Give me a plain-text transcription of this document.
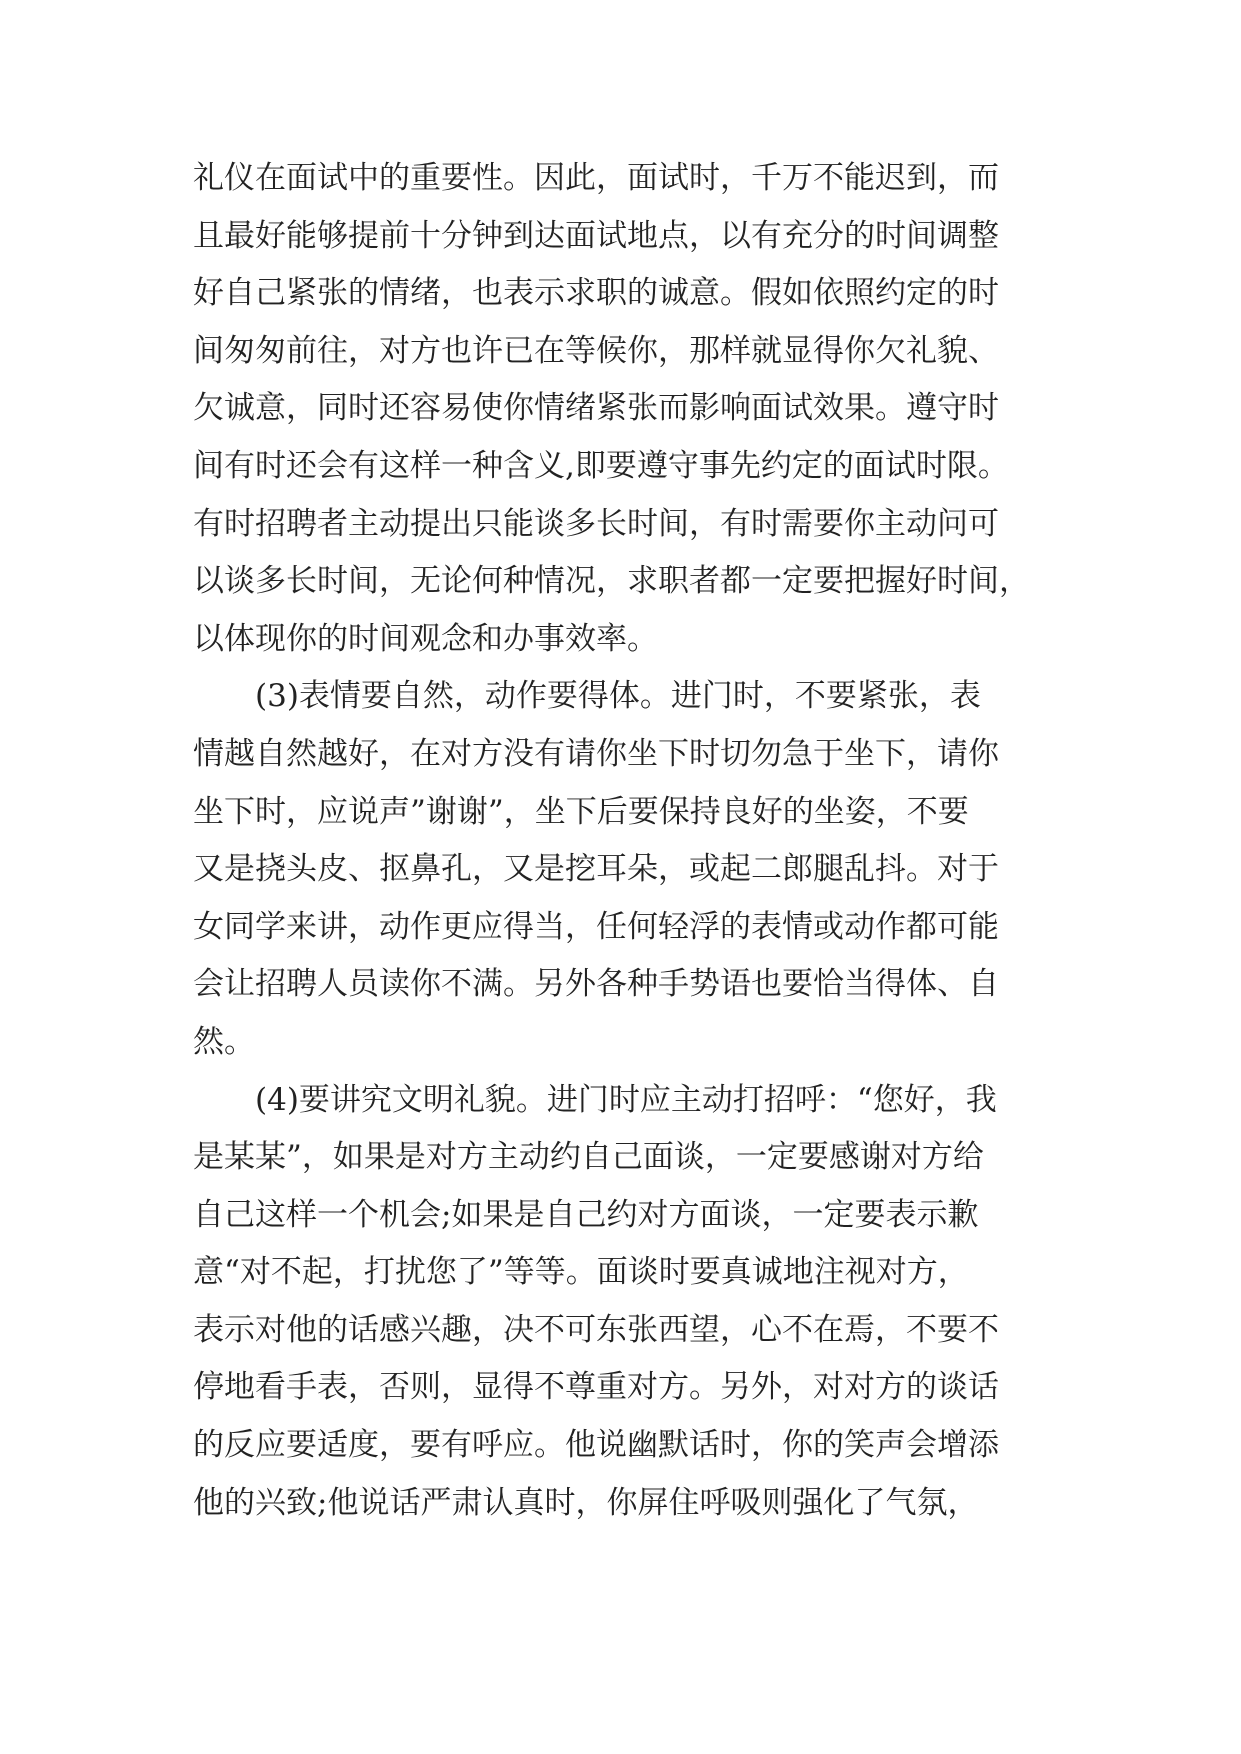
礼仪在面试中的重要性。因此，面试时，千万不能迟到，而
且最好能够提前十分钟到达面试地点，以有充分的时间调整
好自己紧张的情绪，也表示求职的诚意。假如依照约定的时
间匆匆前往，对方也许已在等候你，那样就显得你欠礼貌、
欠诚意，同时还容易使你情绪紧张而影响面试效果。遵守时
间有时还会有这样一种含义,即要遵守事先约定的面试时限。
有时招聘者主动提出只能谈多长时间，有时需要你主动问可
以谈多长时间，无论何种情况，求职者都一定要把握好时间，
以体现你的时间观念和办事效率。
(3)表情要自然，动作要得体。进门时，不要紧张，表
情越自然越好，在对方没有请你坐下时切勿急于坐下，请你
坐下时，应说声”谢谢”，坐下后要保持良好的坐姿，不要
又是挠头皮、抠鼻孔，又是挖耳朵，或起二郎腿乱抖。对于
女同学来讲，动作更应得当，任何轻浮的表情或动作都可能
会让招聘人员读你不满。另外各种手势语也要恰当得体、自
然。
(4)要讲究文明礼貌。进门时应主动打招呼：“您好，我
是某某”，如果是对方主动约自己面谈，一定要感谢对方给
自己这样一个机会;如果是自己约对方面谈，一定要表示歉
意“对不起，打扰您了”等等。面谈时要真诚地注视对方，
表示对他的话感兴趣，决不可东张西望，心不在焉，不要不
停地看手表，否则，显得不尊重对方。另外，对对方的谈话
的反应要适度，要有呼应。他说幽默话时，你的笑声会增添
他的兴致;他说话严肃认真时，你屏住呼吸则强化了气氛，
